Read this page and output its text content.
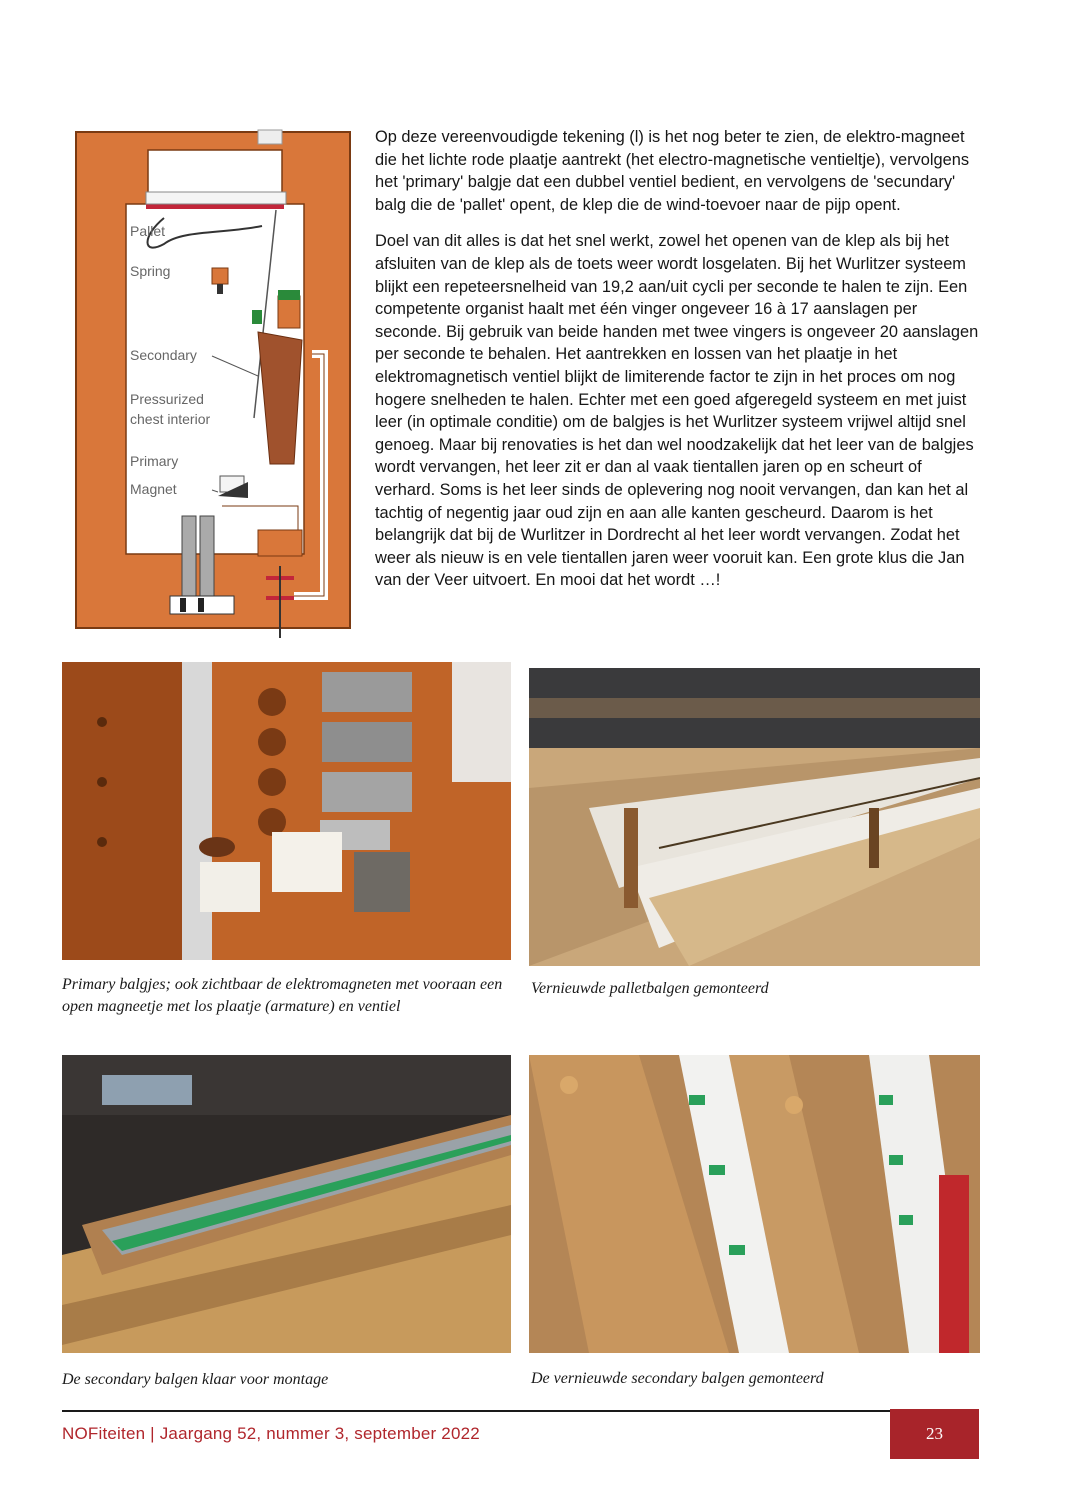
Pallet
Spring
Secondary
Pressurized
chest interior
Primary
Magnet

Op deze vereenvoudigde tekening (l) is het nog beter te zien, de elektro-magneet die het lichte rode plaatje aantrekt (het electro-magnetische ventieltje), vervolgens het 'primary' balgje dat een dubbel ventiel bedient, en vervolgens de 'secundary' balg die de 'pallet' opent, de klep die de wind-toevoer naar de pijp opent.

Doel van dit alles is dat het snel werkt, zowel het openen van de klep als bij het afsluiten van de klep als de toets weer wordt losgelaten. Bij het Wurlitzer systeem blijkt een repeteersnelheid van 19,2 aan/uit cycli per seconde te halen te zijn. Een competente organist haalt met één vinger ongeveer 16 à 17 aanslagen per seconde. Bij gebruik van beide handen met twee vingers is ongeveer 20 aanslagen per seconde te behalen. Het aantrekken en lossen van het plaatje in het elektromagnetisch ventiel blijkt de limiterende factor te zijn in het proces om nog hogere snelheden te halen. Echter met een goed afgeregeld systeem en met juist leer (in optimale conditie) om de balgjes is het Wurlitzer systeem vrijwel altijd snel genoeg. Maar bij renovaties is het dan wel noodzakelijk dat het leer van de balgjes wordt vervangen, het leer zit er dan al vaak tientallen jaren op en scheurt of verhard. Soms is het leer sinds de oplevering nog nooit vervangen, dan kan het al tachtig of negentig jaar oud zijn en aan alle kanten gescheurd. Daarom is het belangrijk dat bij de Wurlitzer in Dordrecht al het leer wordt vervangen. Zodat het weer als nieuw is en vele tientallen jaren weer vooruit kan. Een grote klus die Jan van der Veer uitvoert. En mooi dat het wordt …!

Primary balgjes; ook zichtbaar de elektromagneten met vooraan een open magneetje met los plaatje (armature) en ventiel
Vernieuwde palletbalgen gemonteerd
De secondary balgen klaar voor montage	De vernieuwde secondary balgen gemonteerd
NOFiteiten | Jaargang 52, nummer 3, september 2022	23
